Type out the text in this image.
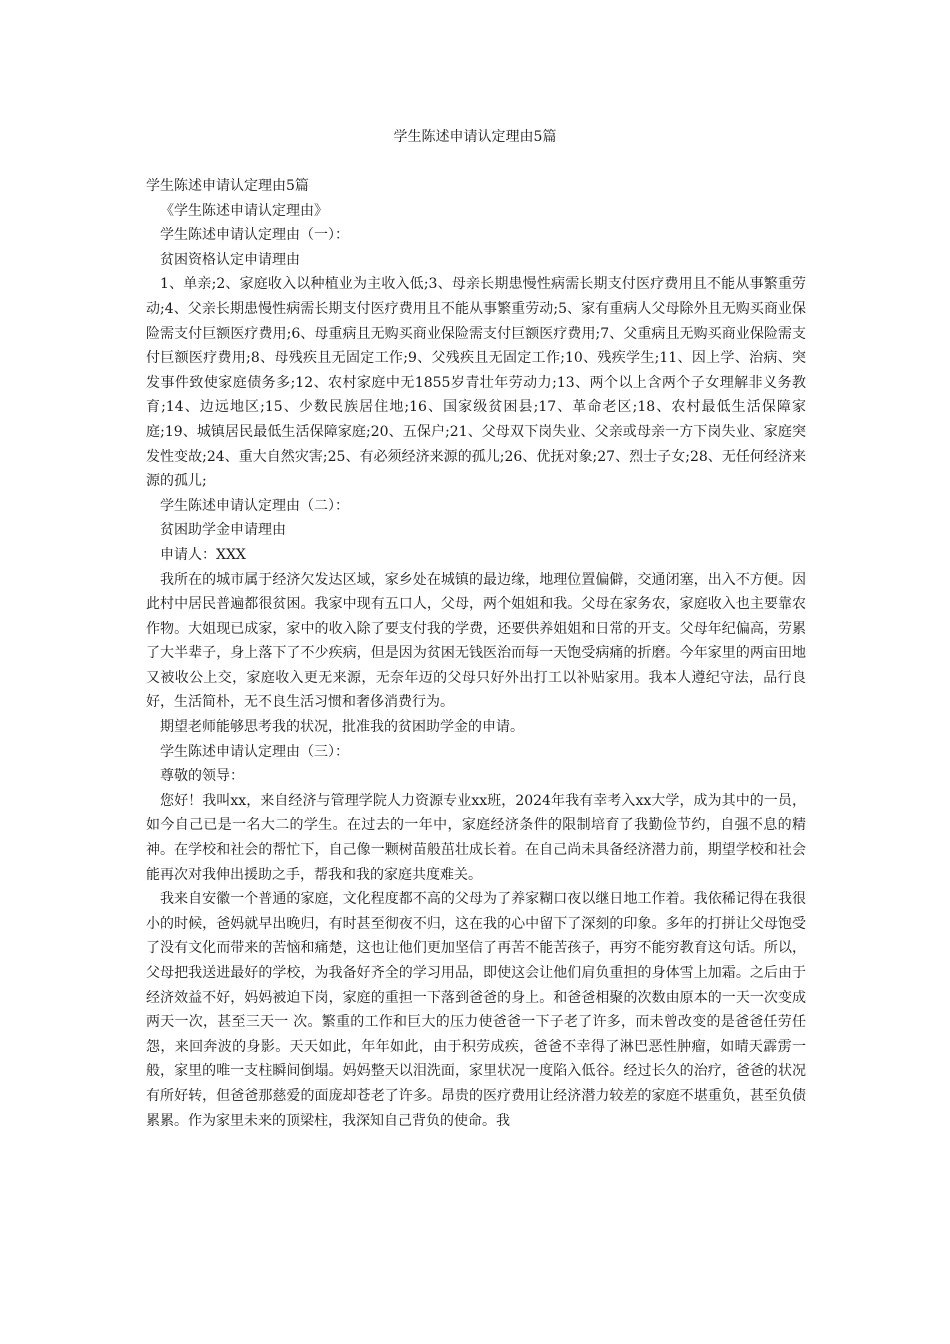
学生陈述申请认定理由5篇

学生陈述申请认定理由5篇

《学生陈述申请认定理由》

学生陈述申请认定理由（一）：

贫困资格认定申请理由

1、单亲;2、家庭收入以种植业为主收入低;3、母亲长期患慢性病需长期支付医疗费用且不能从事繁重劳动;4、父亲长期患慢性病需长期支付医疗费用且不能从事繁重劳动;5、家有重病人父母除外且无购买商业保险需支付巨额医疗费用;6、母重病且无购买商业保险需支付巨额医疗费用;7、父重病且无购买商业保险需支付巨额医疗费用;8、母残疾且无固定工作;9、父残疾且无固定工作;10、残疾学生;11、因上学、治病、突发事件致使家庭债务多;12、农村家庭中无1855岁青壮年劳动力;13、两个以上含两个子女理解非义务教育;14、边远地区;15、少数民族居住地;16、国家级贫困县;17、革命老区;18、农村最低生活保障家庭;19、城镇居民最低生活保障家庭;20、五保户;21、父母双下岗失业、父亲或母亲一方下岗失业、家庭突发性变故;24、重大自然灾害;25、有必须经济来源的孤儿;26、优抚对象;27、烈士子女;28、无任何经济来源的孤儿;

学生陈述申请认定理由（二）：

贫困助学金申请理由

申请人：XXX

我所在的城市属于经济欠发达区域，家乡处在城镇的最边缘，地理位置偏僻，交通闭塞，出入不方便。因此村中居民普遍都很贫困。我家中现有五口人，父母，两个姐姐和我。父母在家务农，家庭收入也主要靠农作物。大姐现已成家，家中的收入除了要支付我的学费，还要供养姐姐和日常的开支。父母年纪偏高，劳累了大半辈子，身上落下了不少疾病，但是因为贫困无钱医治而每一天饱受病痛的折磨。今年家里的两亩田地又被收公上交，家庭收入更无来源，无奈年迈的父母只好外出打工以补贴家用。我本人遵纪守法，品行良好，生活简朴，无不良生活习惯和奢侈消费行为。

期望老师能够思考我的状况，批准我的贫困助学金的申请。

学生陈述申请认定理由（三）：

尊敬的领导：

您好！我叫xx，来自经济与管理学院人力资源专业xx班，2024年我有幸考入xx大学，成为其中的一员，如今自己已是一名大二的学生。在过去的一年中，家庭经济条件的限制培育了我勤俭节约，自强不息的精神。在学校和社会的帮忙下，自己像一颗树苗般茁壮成长着。在自己尚未具备经济潜力前，期望学校和社会能再次对我伸出援助之手，帮我和我的家庭共度难关。

我来自安徽一个普通的家庭，文化程度都不高的父母为了养家糊口夜以继日地工作着。我依稀记得在我很小的时候，爸妈就早出晚归，有时甚至彻夜不归，这在我的心中留下了深刻的印象。多年的打拼让父母饱受了没有文化而带来的苦恼和痛楚，这也让他们更加坚信了再苦不能苦孩子，再穷不能穷教育这句话。所以，父母把我送进最好的学校，为我备好齐全的学习用品，即使这会让他们肩负重担的身体雪上加霜。之后由于经济效益不好，妈妈被迫下岗，家庭的重担一下落到爸爸的身上。和爸爸相聚的次数由原本的一天一次变成两天一次，甚至三天一 次。繁重的工作和巨大的压力使爸爸一下子老了许多，而未曾改变的是爸爸任劳任怨，来回奔波的身影。天天如此，年年如此，由于积劳成疾，爸爸不幸得了淋巴恶性肿瘤，如晴天霹雳一般，家里的唯一支柱瞬间倒塌。妈妈整天以泪洗面，家里状况一度陷入低谷。经过长久的治疗，爸爸的状况有所好转，但爸爸那慈爱的面庞却苍老了许多。昂贵的医疗费用让经济潜力较差的家庭不堪重负，甚至负债累累。作为家里未来的顶梁柱，我深知自己背负的使命。我
